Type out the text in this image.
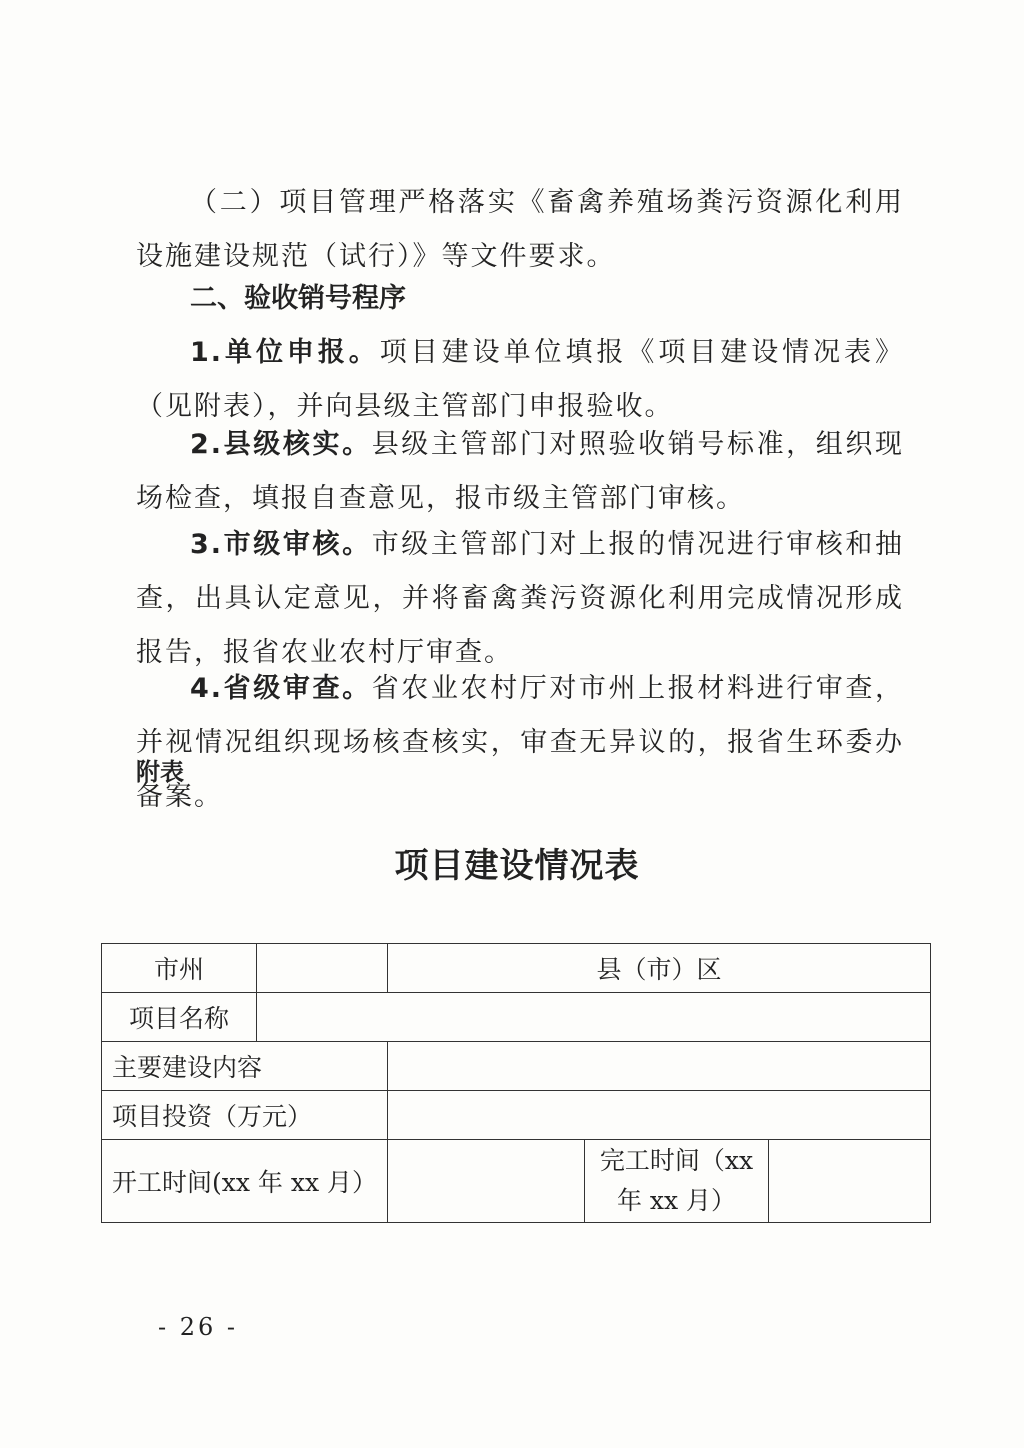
（二）项目管理严格落实《畜禽养殖场粪污资源化利用设施建设规范（试行）》等文件要求。

二、验收销号程序

1.单位申报。项目建设单位填报《项目建设情况表》（见附表），并向县级主管部门申报验收。

2.县级核实。县级主管部门对照验收销号标准，组织现场检查，填报自查意见，报市级主管部门审核。

3.市级审核。市级主管部门对上报的情况进行审核和抽查，出具认定意见，并将畜禽粪污资源化利用完成情况形成报告，报省农业农村厅审查。

4.省级审查。省农业农村厅对市州上报材料进行审查，并视情况组织现场核查核实，审查无异议的，报省生环委办备案。

附表
项目建设情况表
市州		县（市）区		
项目名称				
主要建设内容				
项目投资（万元）				
开工时间(xx 年 xx 月）			完工时间（xx 年 xx 月）	
- 26 -
